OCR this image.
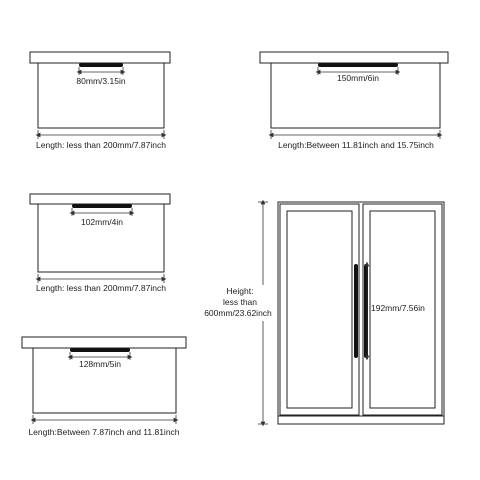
80mm/3.15in
Length: less than 200mm/7.87inch
150mm/6in
Length:Between 11.81inch and 15.75inch
102mm/4in
Length: less than 200mm/7.87inch
128mm/5in
Length:Between 7.87inch and 11.81inch
192mm/7.56in
Height:
less than
600mm/23.62inch
